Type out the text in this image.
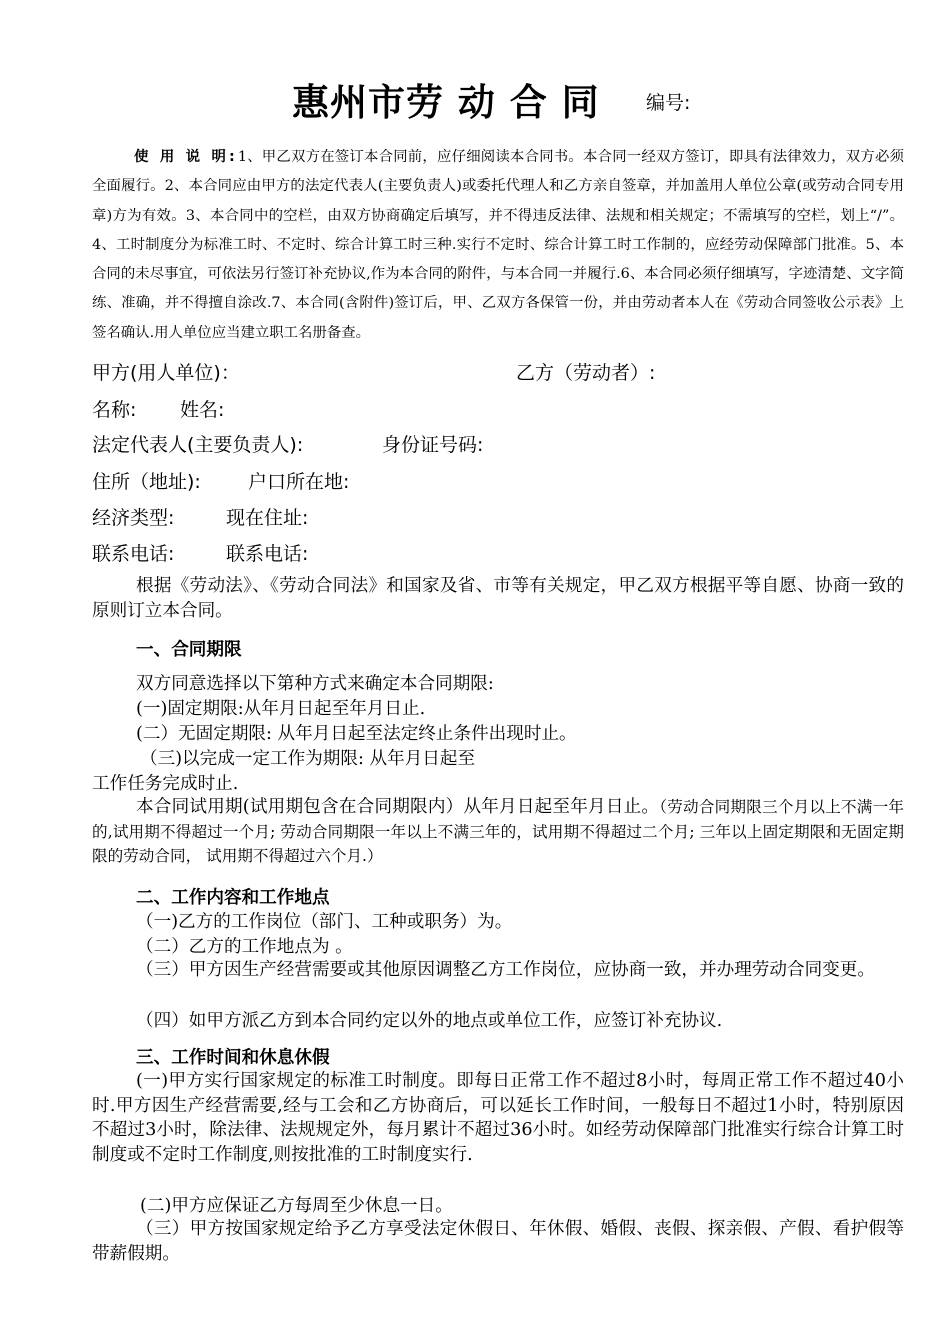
惠州市劳 动 合 同 编号:

使 用 说 明:1、甲乙双方在签订本合同前，应仔细阅读本合同书。本合同一经双方签订，即具有法律效力，双方必须全面履行。2、本合同应由甲方的法定代表人(主要负责人)或委托代理人和乙方亲自签章，并加盖用人单位公章(或劳动合同专用章)方为有效。3、本合同中的空栏，由双方协商确定后填写，并不得违反法律、法规和相关规定；不需填写的空栏，划上“/”。4、工时制度分为标准工时、不定时、综合计算工时三种.实行不定时、综合计算工时工作制的，应经劳动保障部门批准。5、本合同的未尽事宜，可依法另行签订补充协议,作为本合同的附件，与本合同一并履行.6、本合同必须仔细填写，字迹清楚、文字简练、准确，并不得擅自涂改.7、本合同(含附件)签订后，甲、乙双方各保管一份，并由劳动者本人在《劳动合同签收公示表》上签名确认.用人单位应当建立职工名册备查。

甲方(用人单位)：	乙方（劳动者）:

名称: 姓名:

法定代表人(主要负责人):	身份证号码:

住所（地址): 户口所在地:

经济类型:	现在住址:

联系电话:	联系电话:

根据《劳动法》、《劳动合同法》和国家及省、市等有关规定，甲乙双方根据平等自愿、协商一致的原则订立本合同。

一、合同期限

双方同意选择以下第种方式来确定本合同期限:

(一)固定期限:从年月日起至年月日止.

(二）无固定期限: 从年月日起至法定终止条件出现时止。

（三)以完成一定工作为期限: 从年月日起至

工作任务完成时止.

本合同试用期(试用期包含在合同期限内）从年月日起至年月日止。（劳动合同期限三个月以上不满一年的,试用期不得超过一个月; 劳动合同期限一年以上不满三年的，试用期不得超过二个月; 三年以上固定期限和无固定期限的劳动合同， 试用期不得超过六个月.）

二、工作内容和工作地点

（一)乙方的工作岗位（部门、工种或职务）为。

（二）乙方的工作地点为 。

（三）甲方因生产经营需要或其他原因调整乙方工作岗位，应协商一致，并办理劳动合同变更。

（四）如甲方派乙方到本合同约定以外的地点或单位工作，应签订补充协议.

三、工作时间和休息休假

(一)甲方实行国家规定的标准工时制度。即每日正常工作不超过8小时，每周正常工作不超过40小时.甲方因生产经营需要,经与工会和乙方协商后，可以延长工作时间，一般每日不超过1小时，特别原因不超过3小时，除法律、法规规定外，每月累计不超过36小时。如经劳动保障部门批准实行综合计算工时制度或不定时工作制度,则按批准的工时制度实行.

(二)甲方应保证乙方每周至少休息一日。

（三）甲方按国家规定给予乙方享受法定休假日、年休假、婚假、丧假、探亲假、产假、看护假等带薪假期。
